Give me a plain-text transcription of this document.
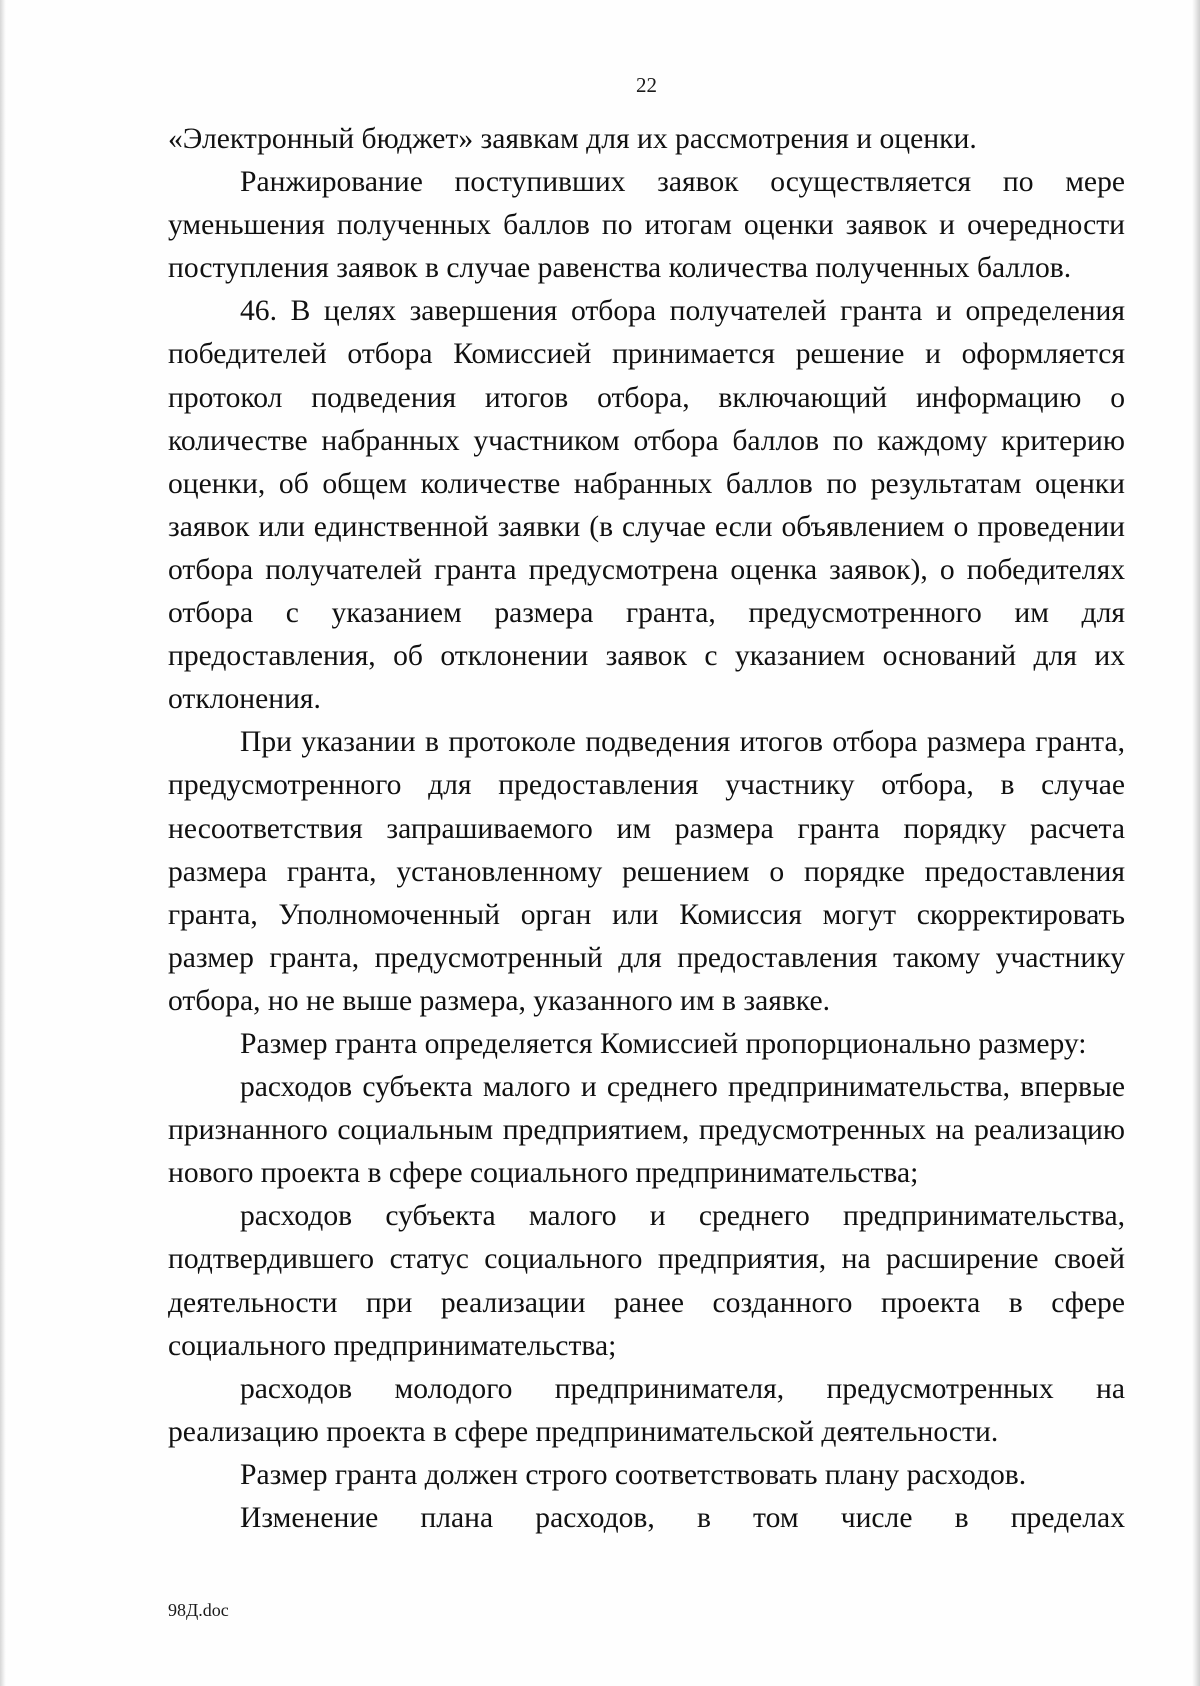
22

«Электронный бюджет» заявкам для их рассмотрения и оценки.

Ранжирование поступивших заявок осуществляется по мере уменьшения полученных баллов по итогам оценки заявок и очередности поступления заявок в случае равенства количества полученных баллов.

46. В целях завершения отбора получателей гранта и определения победителей отбора Комиссией принимается решение и оформляется протокол подведения итогов отбора, включающий информацию о количестве набранных участником отбора баллов по каждому критерию оценки, об общем количестве набранных баллов по результатам оценки заявок или единственной заявки (в случае если объявлением о проведении отбора получателей гранта предусмотрена оценка заявок), о победителях отбора с указанием размера гранта, предусмотренного им для предоставления, об отклонении заявок с указанием оснований для их отклонения.

При указании в протоколе подведения итогов отбора размера гранта, предусмотренного для предоставления участнику отбора, в случае несоответствия запрашиваемого им размера гранта порядку расчета размера гранта, установленному решением о порядке предоставления гранта, Уполномоченный орган или Комиссия могут скорректировать размер гранта, предусмотренный для предоставления такому участнику отбора, но не выше размера, указанного им в заявке.

Размер гранта определяется Комиссией пропорционально размеру:

расходов субъекта малого и среднего предпринимательства, впервые признанного социальным предприятием, предусмотренных на реализацию нового проекта в сфере социального предпринимательства;

расходов субъекта малого и среднего предпринимательства, подтвердившего статус социального предприятия, на расширение своей деятельности при реализации ранее созданного проекта в сфере социального предпринимательства;

расходов молодого предпринимателя, предусмотренных на реализацию проекта в сфере предпринимательской деятельности.

Размер гранта должен строго соответствовать плану расходов.

Изменение плана расходов, в том числе в пределах

98Д.doc
